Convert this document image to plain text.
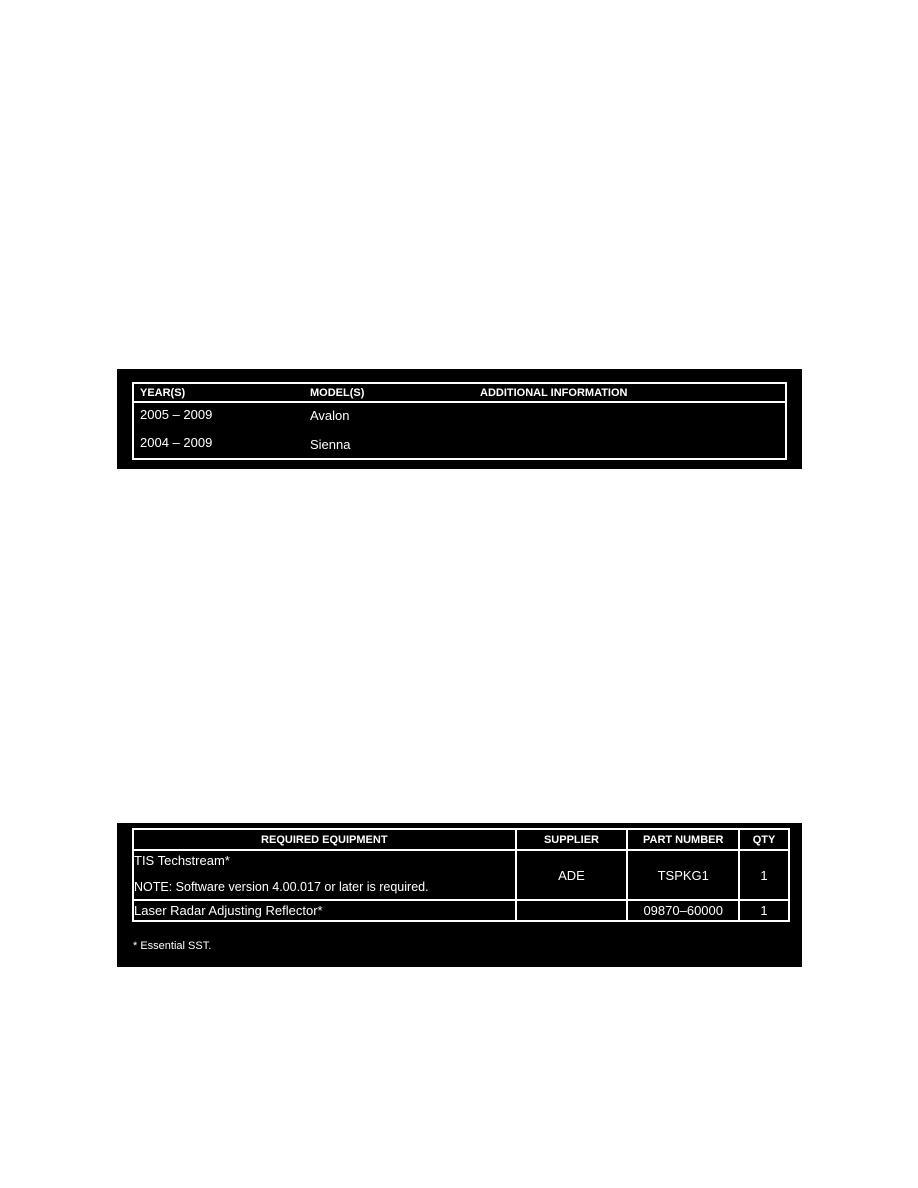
YEAR(S)	MODEL(S)	ADDITIONAL INFORMATION
2005 – 2009	Avalon
2004 – 2009	Sienna
REQUIRED EQUIPMENT	SUPPLIER	PART NUMBER	QTY

TIS Techstream*
NOTE: Software version 4.00.017 or later is required.	ADE	TSPKG1	1
Laser Radar Adjusting Reflector*		09870–60000	1
* Essential SST.
